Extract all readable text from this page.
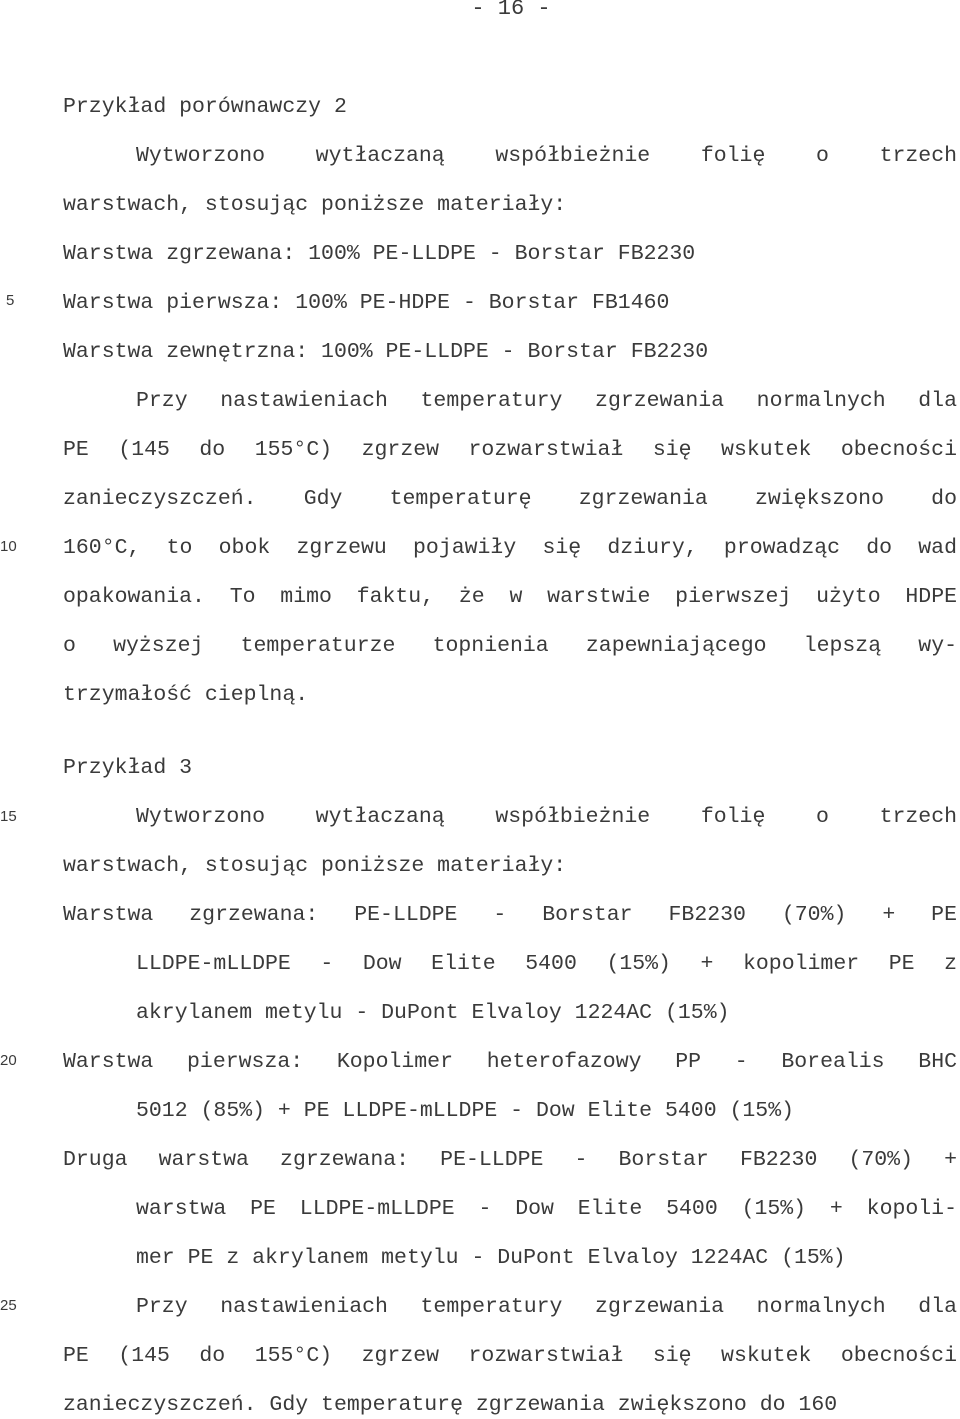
- 16 -
5
10
15
20
25
Przykład porównawczy 2
Wytworzono wytłaczaną współbieżnie folię o trzech
warstwach, stosując poniższe materiały:
Warstwa zgrzewana: 100% PE-LLDPE - Borstar FB2230
Warstwa pierwsza: 100% PE-HDPE - Borstar FB1460
Warstwa zewnętrzna: 100% PE-LLDPE - Borstar FB2230
Przy nastawieniach temperatury zgrzewania normalnych dla
PE (145 do 155°C) zgrzew rozwarstwiał się wskutek obecności
zanieczyszczeń. Gdy temperaturę zgrzewania zwiększono do
160°C, to obok zgrzewu pojawiły się dziury, prowadząc do wad
opakowania. To mimo faktu, że w warstwie pierwszej użyto HDPE
o wyższej temperaturze topnienia zapewniającego lepszą wy-
trzymałość cieplną.
Przykład 3
Wytworzono wytłaczaną współbieżnie folię o trzech
warstwach, stosując poniższe materiały:
Warstwa zgrzewana: PE-LLDPE - Borstar FB2230 (70%) + PE
LLDPE-mLLDPE - Dow Elite 5400 (15%) + kopolimer PE z
akrylanem metylu - DuPont Elvaloy 1224AC (15%)
Warstwa pierwsza: Kopolimer heterofazowy PP - Borealis BHC
5012 (85%) + PE LLDPE-mLLDPE - Dow Elite 5400 (15%)
Druga warstwa zgrzewana: PE-LLDPE - Borstar FB2230 (70%) +
warstwa PE LLDPE-mLLDPE - Dow Elite 5400 (15%) + kopoli-
mer PE z akrylanem metylu - DuPont Elvaloy 1224AC (15%)
Przy nastawieniach temperatury zgrzewania normalnych dla
PE (145 do 155°C) zgrzew rozwarstwiał się wskutek obecności
zanieczyszczeń. Gdy temperaturę zgrzewania zwiększono do 160
